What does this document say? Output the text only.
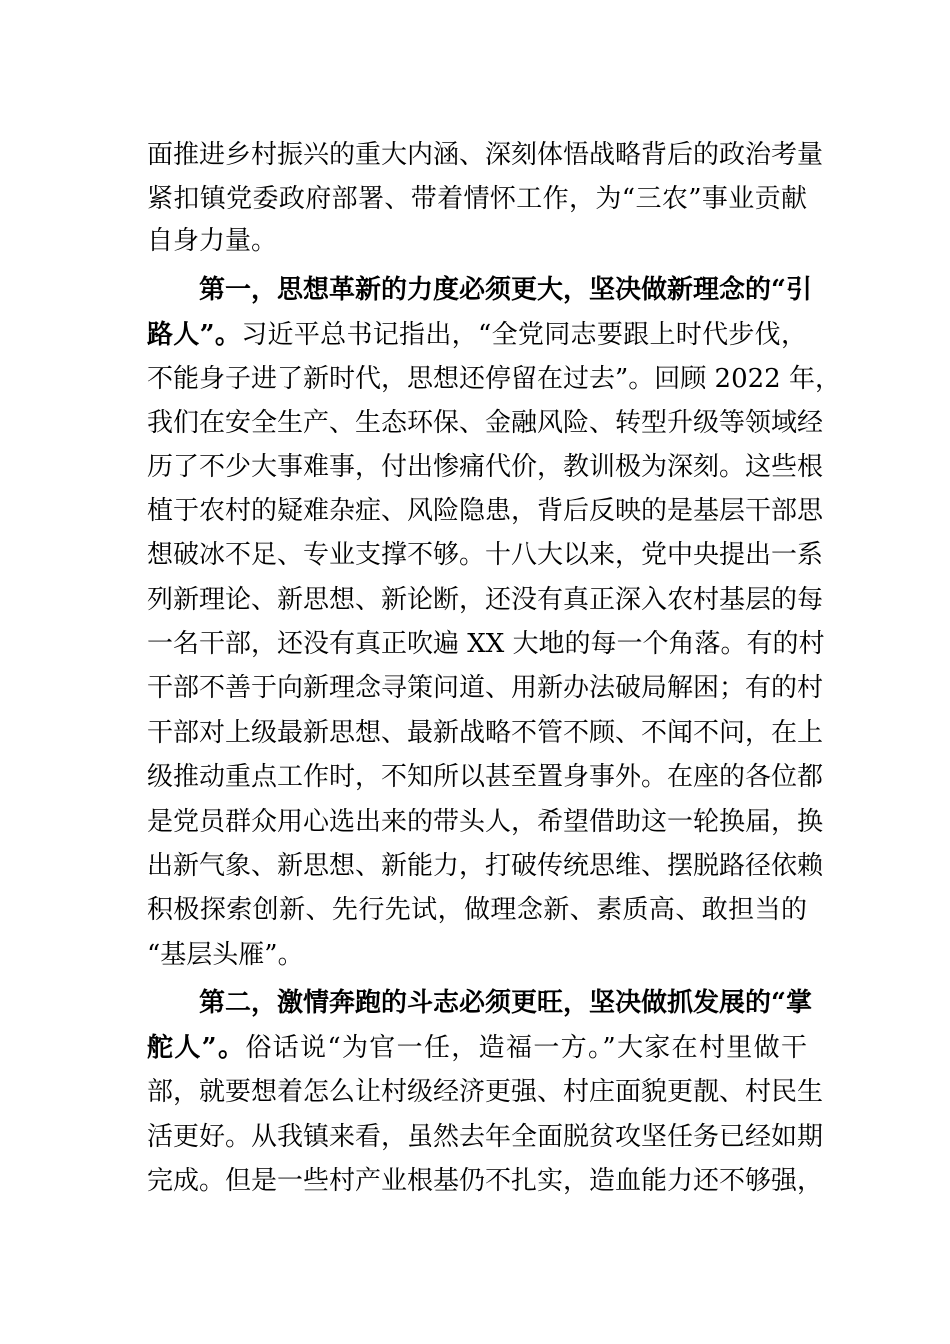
面推进乡村振兴的重大内涵、深刻体悟战略背后的政治考量
紧扣镇党委政府部署、带着情怀工作，为“三农”事业贡献
自身力量。
第一，思想革新的力度必须更大，坚决做新理念的“引
路人”。习近平总书记指出，“全党同志要跟上时代步伐，
不能身子进了新时代，思想还停留在过去”。回顾 2022 年，
我们在安全生产、生态环保、金融风险、转型升级等领域经
历了不少大事难事，付出惨痛代价，教训极为深刻。这些根
植于农村的疑难杂症、风险隐患，背后反映的是基层干部思
想破冰不足、专业支撑不够。十八大以来，党中央提出一系
列新理论、新思想、新论断，还没有真正深入农村基层的每
一名干部，还没有真正吹遍 XX 大地的每一个角落。有的村
干部不善于向新理念寻策问道、用新办法破局解困；有的村
干部对上级最新思想、最新战略不管不顾、不闻不问，在上
级推动重点工作时，不知所以甚至置身事外。在座的各位都
是党员群众用心选出来的带头人，希望借助这一轮换届，换
出新气象、新思想、新能力，打破传统思维、摆脱路径依赖
积极探索创新、先行先试，做理念新、素质高、敢担当的
“基层头雁”。
第二，激情奔跑的斗志必须更旺，坚决做抓发展的“掌
舵人”。俗话说“为官一任，造福一方。”大家在村里做干
部，就要想着怎么让村级经济更强、村庄面貌更靓、村民生
活更好。从我镇来看，虽然去年全面脱贫攻坚任务已经如期
完成。但是一些村产业根基仍不扎实，造血能力还不够强，
